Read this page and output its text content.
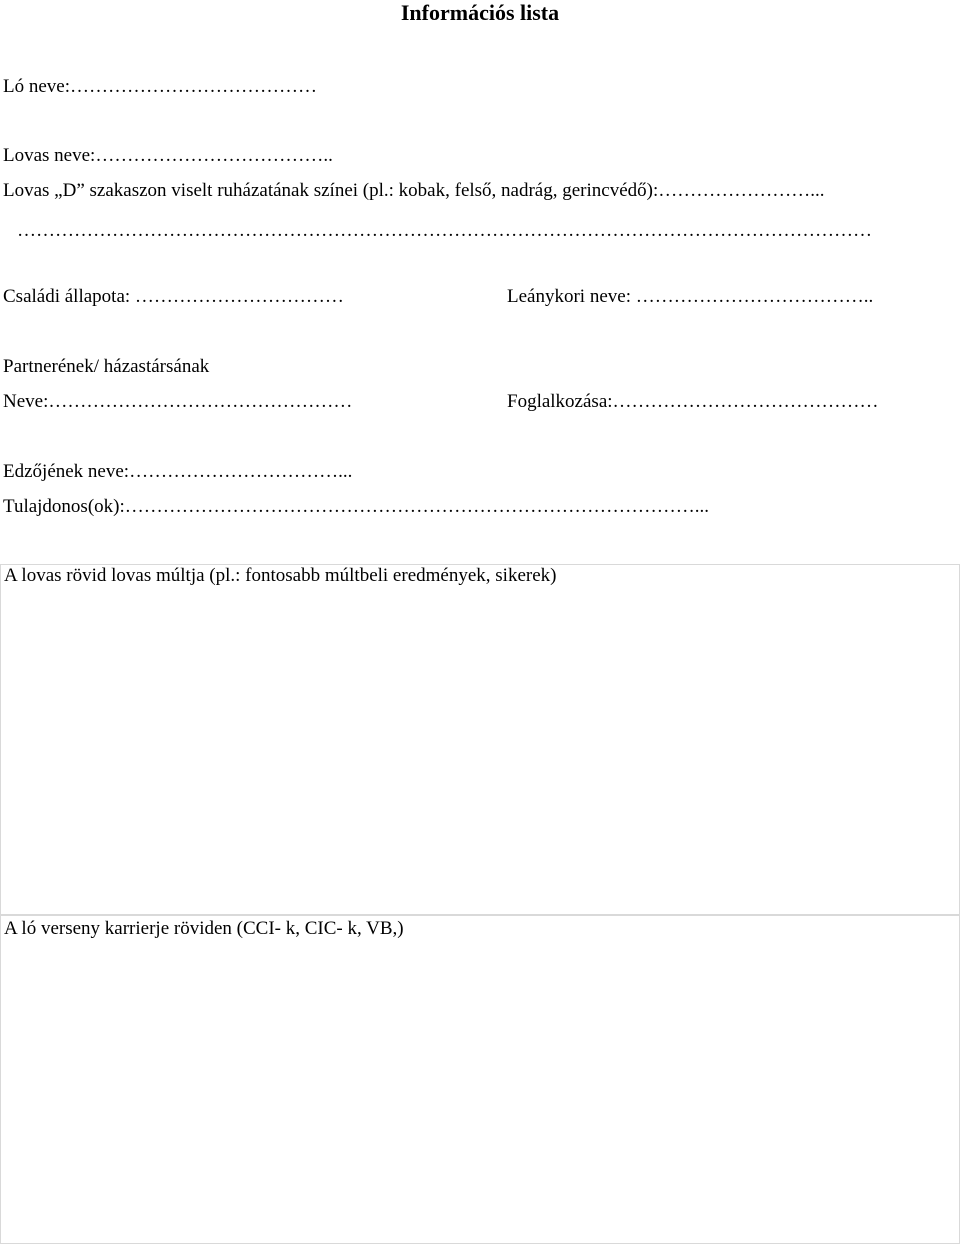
Információs lista
Ló neve:…………………………………
Lovas neve:………………………………..
Lovas „D” szakaszon viselt ruházatának színei (pl.: kobak, felső, nadrág, gerincvédő):……………………...
………………………………………………………………………………………………………………………
Családi állapota: ……………………………	Leánykori neve: ………………………………..
Partnerének/ házastársának
Neve:…………………………………………	Foglalkozása:……………………………………
Edzőjének neve:……………………………...
Tulajdonos(ok):………………………………………………………………………………...
A lovas rövid lovas múltja (pl.: fontosabb múltbeli eredmények, sikerek)
A ló verseny karrierje röviden (CCI- k, CIC- k, VB,)
